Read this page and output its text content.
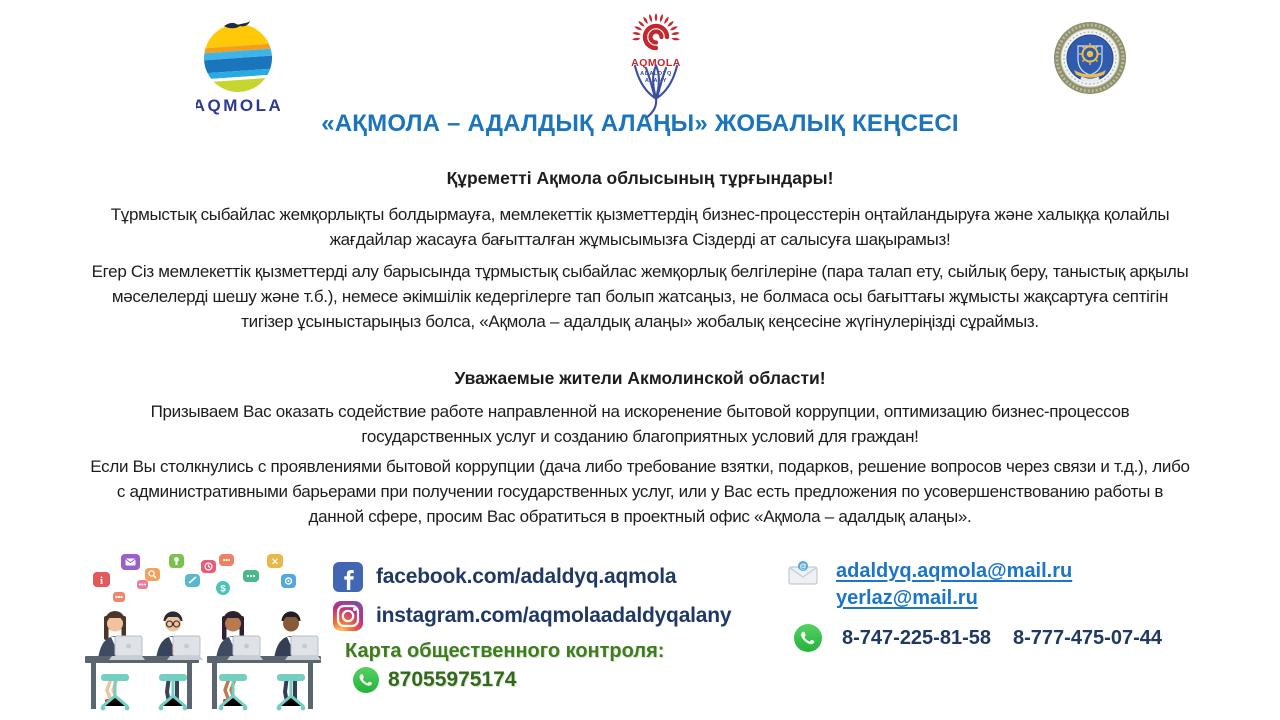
AQMOLA
AQMOLA
ADALDYQ
ALANY
«АҚМОЛА – АДАЛДЫҚ АЛАҢЫ» ЖОБАЛЫҚ КЕҢСЕСІ
Құреметті Ақмола облысының тұрғындары!
Тұрмыстық сыбайлас жемқорлықты болдырмауға, мемлекеттік қызметтердің бизнес-процесстерін оңтайландыруға және халыққа қолайлы жағдайлар жасауға бағытталған жұмысымызға Сіздерді ат салысуға шақырамыз!
Егер Сіз мемлекеттік қызметтерді алу барысында тұрмыстық сыбайлас жемқорлық белгілеріне (пара талап ету, сыйлық беру, таныстық арқылы мәселелерді шешу және т.б.), немесе әкімшілік кедергілерге тап болып жатсаңыз, не болмаса осы бағыттағы жұмысты жақсартуға септігін тигізер ұсыныстарыңыз болса, «Ақмола – адалдық алаңы» жобалық кеңсесіне жүгінулеріңізді сұраймыз.
Уважаемые жители Акмолинской области!
Призываем Вас оказать содействие работе направленной на искоренение бытовой коррупции, оптимизацию бизнес-процессов государственных услуг и созданию благоприятных условий для граждан!
Если Вы столкнулись с проявлениями бытовой коррупции (дача либо требование взятки, подарков, решение вопросов через связи и т.д.), либо с административными барьерами при получении государственных услуг, или у Вас есть предложения по усовершенствованию работы в данной сфере, просим Вас обратиться в проектный офис «Ақмола – адалдық алаңы».
i
$
✕
facebook.com/adaldyq.aqmola
instagram.com/aqmolaadaldyqalany
Карта общественного контроля:
87055975174
@ adaldyq.aqmola@mail.ru
yerlaz@mail.ru
8-747-225-81-58 8-777-475-07-44
